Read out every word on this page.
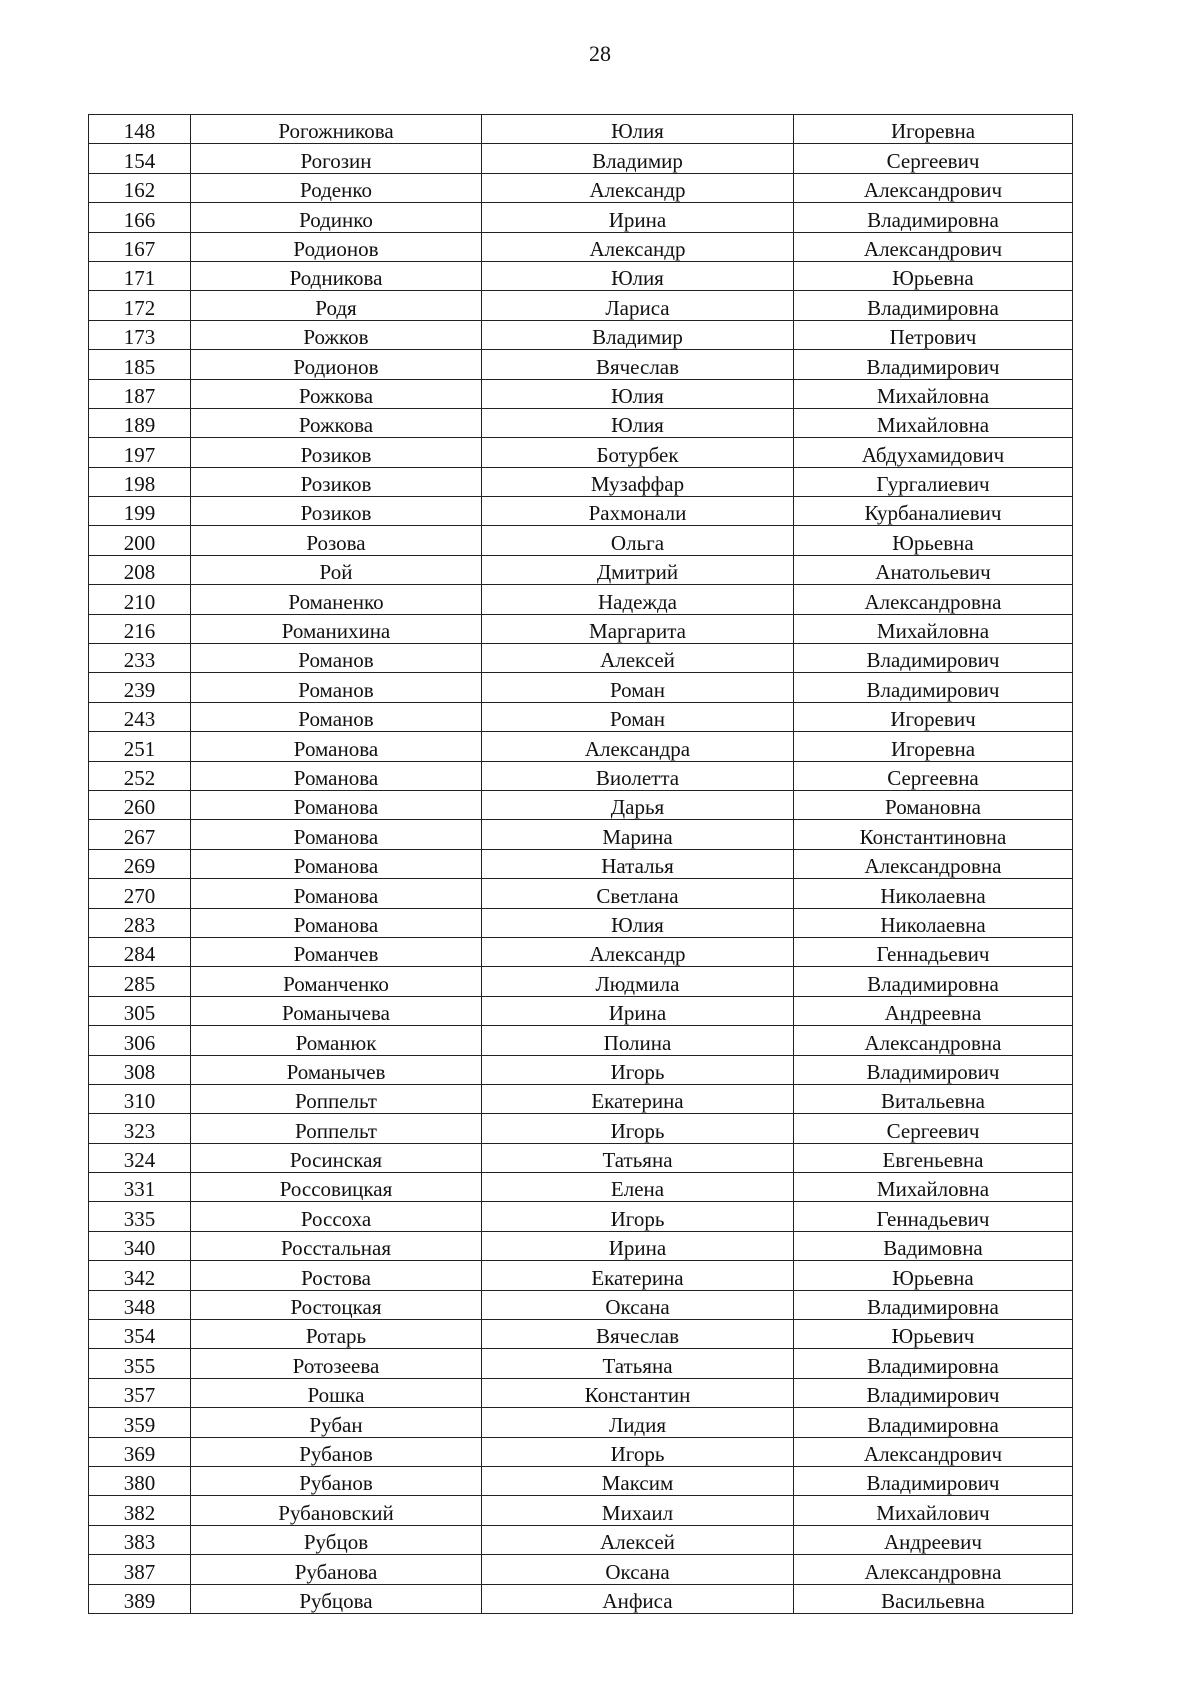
28
148	Рогожникова	Юлия	Игоревна
154	Рогозин	Владимир	Сергеевич
162	Роденко	Александр	Александрович
166	Родинко	Ирина	Владимировна
167	Родионов	Александр	Александрович
171	Родникова	Юлия	Юрьевна
172	Родя	Лариса	Владимировна
173	Рожков	Владимир	Петрович
185	Родионов	Вячеслав	Владимирович
187	Рожкова	Юлия	Михайловна
189	Рожкова	Юлия	Михайловна
197	Розиков	Ботурбек	Абдухамидович
198	Розиков	Музаффар	Гургалиевич
199	Розиков	Рахмонали	Курбаналиевич
200	Розова	Ольга	Юрьевна
208	Рой	Дмитрий	Анатольевич
210	Романенко	Надежда	Александровна
216	Романихина	Маргарита	Михайловна
233	Романов	Алексей	Владимирович
239	Романов	Роман	Владимирович
243	Романов	Роман	Игоревич
251	Романова	Александра	Игоревна
252	Романова	Виолетта	Сергеевна
260	Романова	Дарья	Романовна
267	Романова	Марина	Константиновна
269	Романова	Наталья	Александровна
270	Романова	Светлана	Николаевна
283	Романова	Юлия	Николаевна
284	Романчев	Александр	Геннадьевич
285	Романченко	Людмила	Владимировна
305	Романычева	Ирина	Андреевна
306	Романюк	Полина	Александровна
308	Романычев	Игорь	Владимирович
310	Роппельт	Екатерина	Витальевна
323	Роппельт	Игорь	Сергеевич
324	Росинская	Татьяна	Евгеньевна
331	Россовицкая	Елена	Михайловна
335	Россоха	Игорь	Геннадьевич
340	Росстальная	Ирина	Вадимовна
342	Ростова	Екатерина	Юрьевна
348	Ростоцкая	Оксана	Владимировна
354	Ротарь	Вячеслав	Юрьевич
355	Ротозеева	Татьяна	Владимировна
357	Рошка	Константин	Владимирович
359	Рубан	Лидия	Владимировна
369	Рубанов	Игорь	Александрович
380	Рубанов	Максим	Владимирович
382	Рубановский	Михаил	Михайлович
383	Рубцов	Алексей	Андреевич
387	Рубанова	Оксана	Александровна
389	Рубцова	Анфиса	Васильевна
